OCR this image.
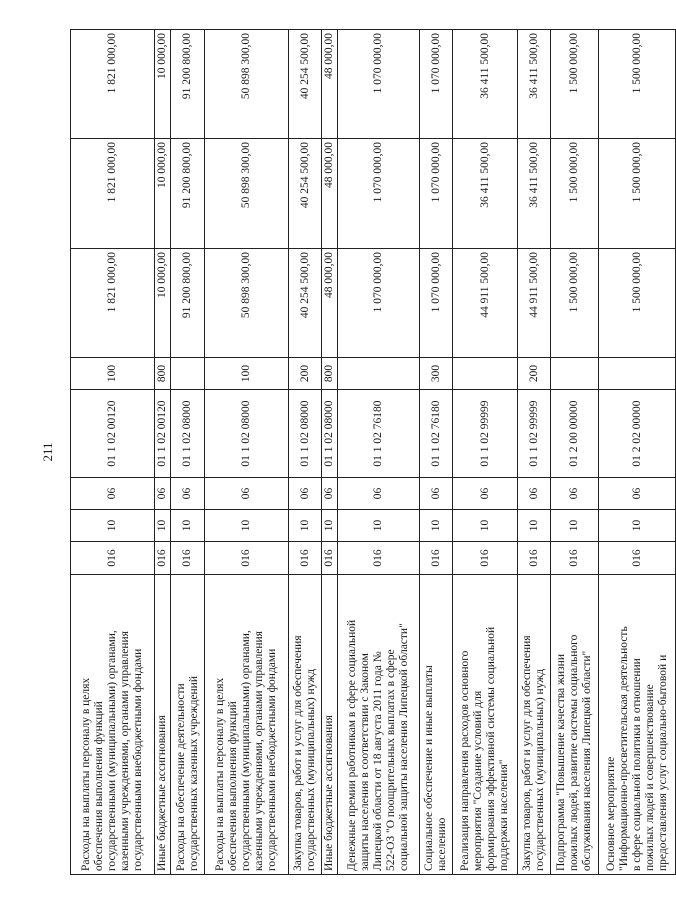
211
Расходы на выплаты персоналу в целях
обеспечения выполнения функций
государственными (муниципальными) органами,
казенными учреждениями, органами управления
государственными внебюджетными фондами	016	10	06	01 1 02 00120	100	1 821 000,00	1 821 000,00	1 821 000,00
Иные бюджетные ассигнования	016	10	06	01 1 02 00120	800	10 000,00	10 000,00	10 000,00
Расходы на обеспечение деятельности
государственных казенных учреждений	016	10	06	01 1 02 08000		91 200 800,00	91 200 800,00	91 200 800,00
Расходы на выплаты персоналу в целях
обеспечения выполнения функций
государственными (муниципальными) органами,
казенными учреждениями, органами управления
государственными внебюджетными фондами	016	10	06	01 1 02 08000	100	50 898 300,00	50 898 300,00	50 898 300,00
Закупка товаров, работ и услуг для обеспечения
государственных (муниципальных) нужд	016	10	06	01 1 02 08000	200	40 254 500,00	40 254 500,00	40 254 500,00
Иные бюджетные ассигнования	016	10	06	01 1 02 08000	800	48 000,00	48 000,00	48 000,00
Денежные премии работникам в сфере социальной
защиты населения в соответствии с Законом
Липецкой области от 18 августа 2011 года №
522-ОЗ "О поощрительных выплатах в сфере
социальной защиты населения Липецкой области"	016	10	06	01 1 02 76180		1 070 000,00	1 070 000,00	1 070 000,00
Социальное обеспечение и иные выплаты
населению	016	10	06	01 1 02 76180	300	1 070 000,00	1 070 000,00	1 070 000,00
Реализация направления расходов основного
мероприятия "Создание условий для
формирования эффективной системы социальной
поддержки населения"	016	10	06	01 1 02 99999		44 911 500,00	36 411 500,00	36 411 500,00
Закупка товаров, работ и услуг для обеспечения
государственных (муниципальных) нужд	016	10	06	01 1 02 99999	200	44 911 500,00	36 411 500,00	36 411 500,00
Подпрограмма "Повышение качества жизни
пожилых людей, развитие системы социального
обслуживания населения Липецкой области"	016	10	06	01 2 00 00000		1 500 000,00	1 500 000,00	1 500 000,00
Основное мероприятие
"Информационно-просветительская деятельность
в сфере социальной политики в отношении
пожилых людей и совершенствование
предоставления услуг социально-бытовой и	016	10	06	01 2 02 00000		1 500 000,00	1 500 000,00	1 500 000,00
